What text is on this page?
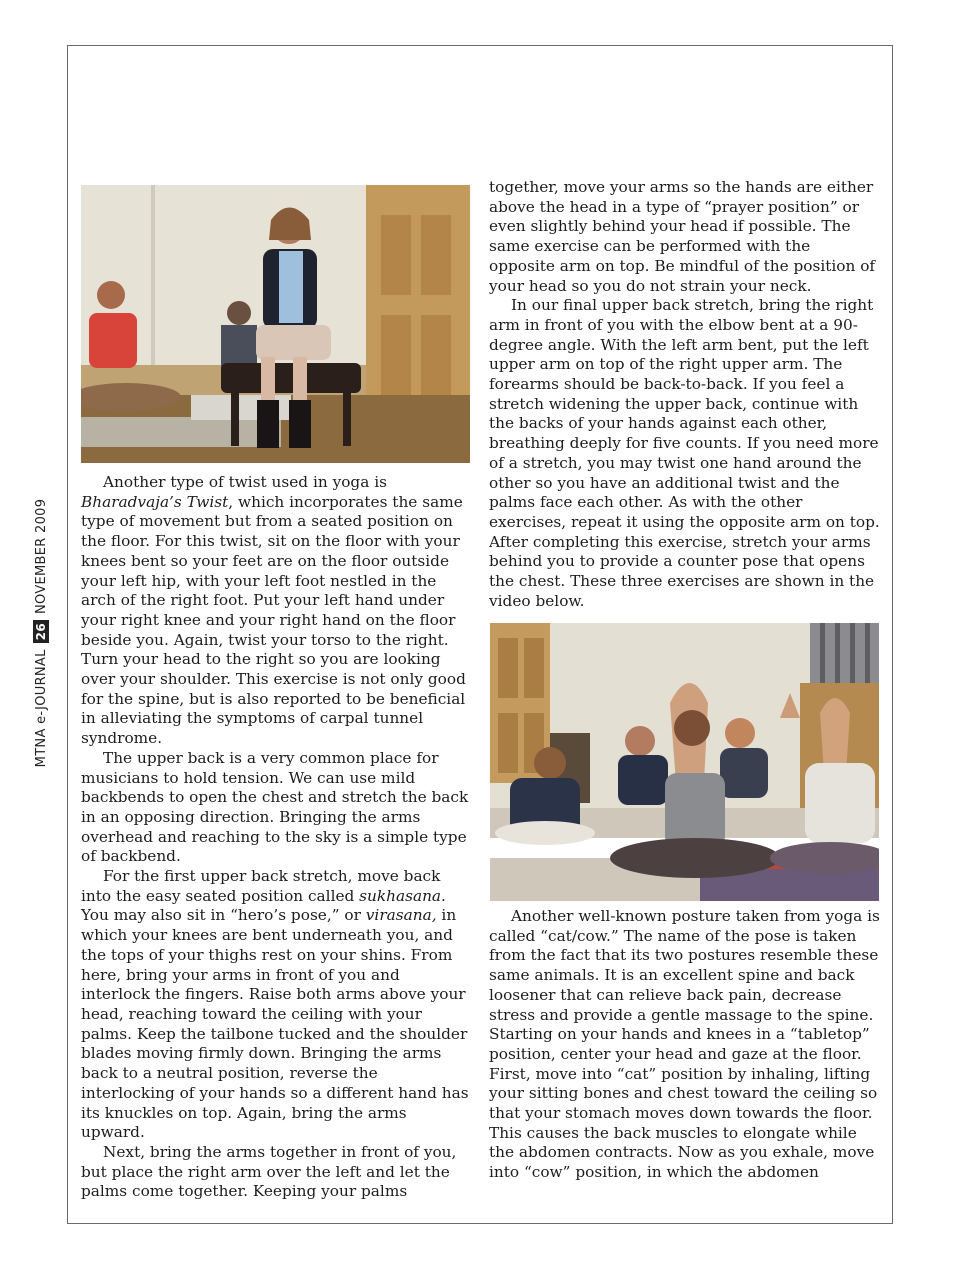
MTNA e-JOURNAL26NOVEMBER 2009

Another type of twist used in yoga is Bharadvaja’s Twist, which incorporates the same type of movement but from a seated position on the floor. For this twist, sit on the floor with your knees bent so your feet are on the floor outside your left hip, with your left foot nestled in the arch of the right foot. Put your left hand under your right knee and your right hand on the floor beside you. Again, twist your torso to the right. Turn your head to the right so you are looking over your shoulder. This exercise is not only good for the spine, but is also reported to be beneficial in alleviating the symptoms of carpal tunnel syndrome.

The upper back is a very common place for musicians to hold tension. We can use mild backbends to open the chest and stretch the back in an opposing direction. Bringing the arms overhead and reaching to the sky is a simple type of backbend.

For the first upper back stretch, move back into the easy seated position called sukhasana. You may also sit in “hero’s pose,” or virasana, in which your knees are bent underneath you, and the tops of your thighs rest on your shins. From here, bring your arms in front of you and interlock the fingers. Raise both arms above your head, reaching toward the ceiling with your palms. Keep the tailbone tucked and the shoulder blades moving firmly down. Bringing the arms back to a neutral position, reverse the interlocking of your hands so a different hand has its knuckles on top. Again, bring the arms upward.

Next, bring the arms together in front of you, but place the right arm over the left and let the palms come together. Keeping your palms

together, move your arms so the hands are either above the head in a type of “prayer position” or even slightly behind your head if possible. The same exercise can be performed with the opposite arm on top. Be mindful of the position of your head so you do not strain your neck.

In our final upper back stretch, bring the right arm in front of you with the elbow bent at a 90-degree angle. With the left arm bent, put the left upper arm on top of the right upper arm. The forearms should be back-to-back. If you feel a stretch widening the upper back, continue with the backs of your hands against each other, breathing deeply for five counts. If you need more of a stretch, you may twist one hand around the other so you have an additional twist and the palms face each other. As with the other exercises, repeat it using the opposite arm on top. After completing this exercise, stretch your arms behind you to provide a counter pose that opens the chest. These three exercises are shown in the video below.

Another well-known posture taken from yoga is called “cat/cow.” The name of the pose is taken from the fact that its two postures resemble these same animals. It is an excellent spine and back loosener that can relieve back pain, decrease stress and provide a gentle massage to the spine. Starting on your hands and knees in a “tabletop” position, center your head and gaze at the floor. First, move into “cat” position by inhaling, lifting your sitting bones and chest toward the ceiling so that your stomach moves down towards the floor. This causes the back muscles to elongate while the abdomen contracts. Now as you exhale, move into “cow” position, in which the abdomen
